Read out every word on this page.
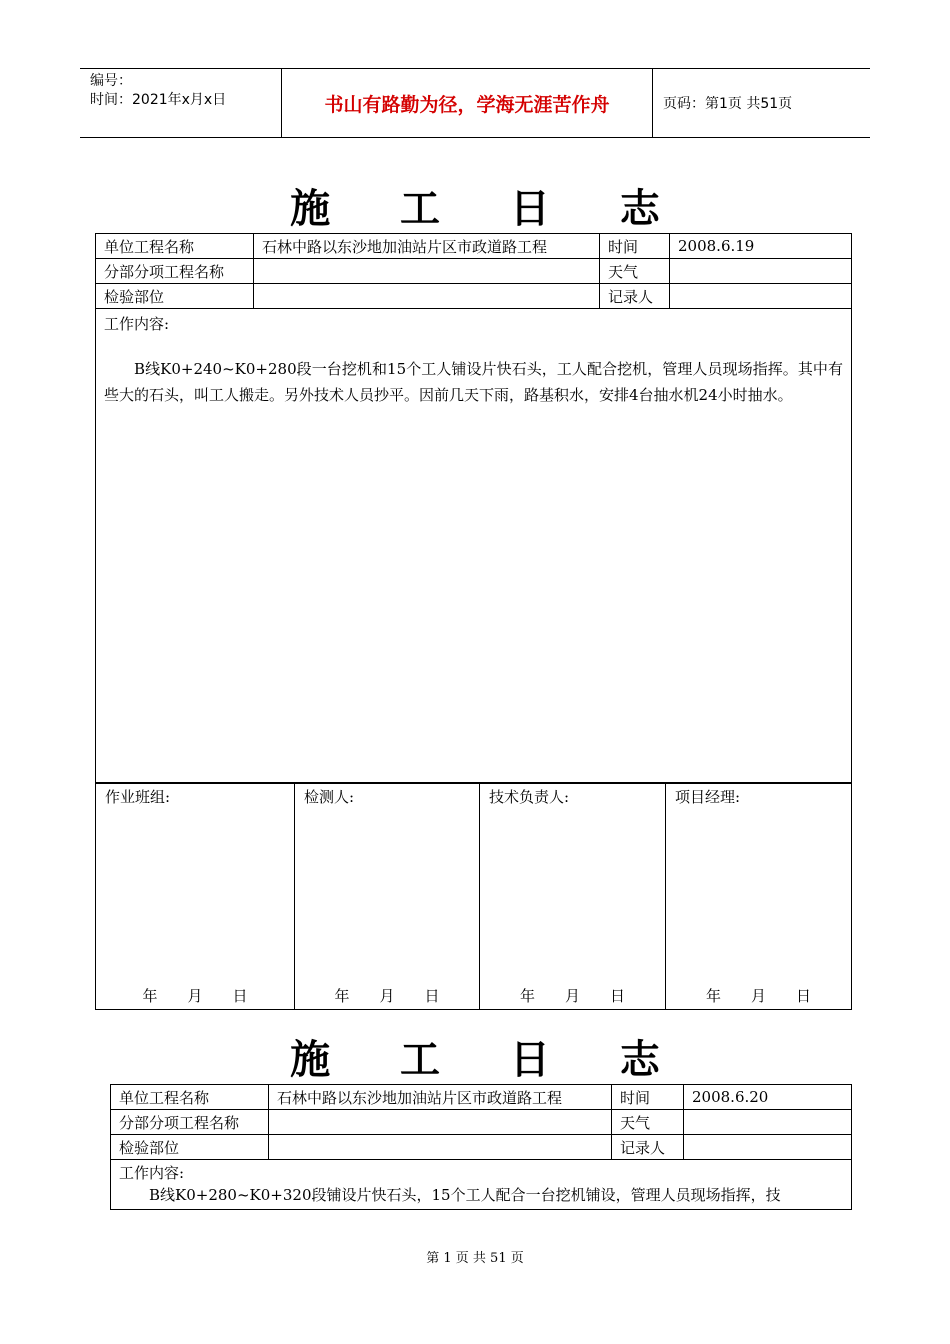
编号：
时间：2021年x月x日	书山有路勤为径，学海无涯苦作舟	页码：第1页 共51页
施 工 日 志
单位工程名称	石林中路以东沙地加油站片区市政道路工程	时间	2008.6.19
分部分项工程名称		天气	
检验部位		记录人	

工作内容:
B线K0+240~K0+280段一台挖机和15个工人铺设片快石头，工人配合挖机，管理人员现场指挥。其中有些大的石头，叫工人搬走。另外技术人员抄平。因前几天下雨，路基积水，安排4台抽水机24小时抽水。			
作业班组:
年   月   日

检测人:
年   月   日

技术负责人:
年   月   日

项目经理:
年   月   日
施 工 日 志
单位工程名称	石林中路以东沙地加油站片区市政道路工程	时间	2008.6.20
分部分项工程名称		天气	
检验部位		记录人	

工作内容:
B线K0+280~K0+320段铺设片快石头，15个工人配合一台挖机铺设，管理人员现场指挥，技			
第 1 页 共 51 页
